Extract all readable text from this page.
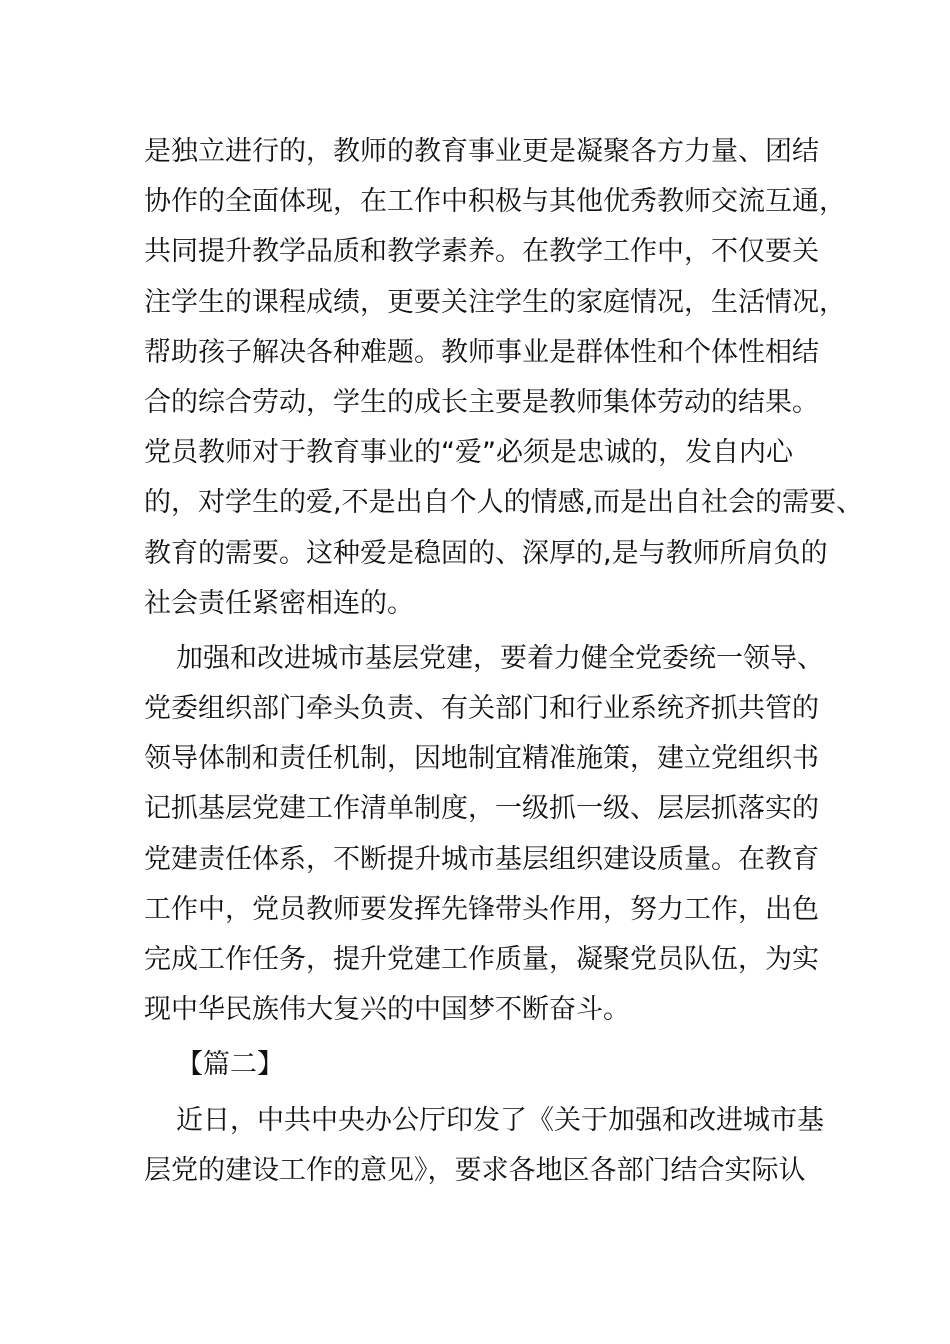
是独立进行的，教师的教育事业更是凝聚各方力量、团结
协作的全面体现，在工作中积极与其他优秀教师交流互通，
共同提升教学品质和教学素养。在教学工作中，不仅要关
注学生的课程成绩，更要关注学生的家庭情况，生活情况，
帮助孩子解决各种难题。教师事业是群体性和个体性相结
合的综合劳动，学生的成长主要是教师集体劳动的结果。
党员教师对于教育事业的“爱”必须是忠诚的，发自内心
的，对学生的爱,不是出自个人的情感,而是出自社会的需要、
教育的需要。这种爱是稳固的、深厚的,是与教师所肩负的
社会责任紧密相连的。
加强和改进城市基层党建，要着力健全党委统一领导、
党委组织部门牵头负责、有关部门和行业系统齐抓共管的
领导体制和责任机制，因地制宜精准施策，建立党组织书
记抓基层党建工作清单制度，一级抓一级、层层抓落实的
党建责任体系，不断提升城市基层组织建设质量。在教育
工作中，党员教师要发挥先锋带头作用，努力工作，出色
完成工作任务，提升党建工作质量，凝聚党员队伍，为实
现中华民族伟大复兴的中国梦不断奋斗。
【篇二】
近日，中共中央办公厅印发了《关于加强和改进城市基
层党的建设工作的意见》，要求各地区各部门结合实际认
